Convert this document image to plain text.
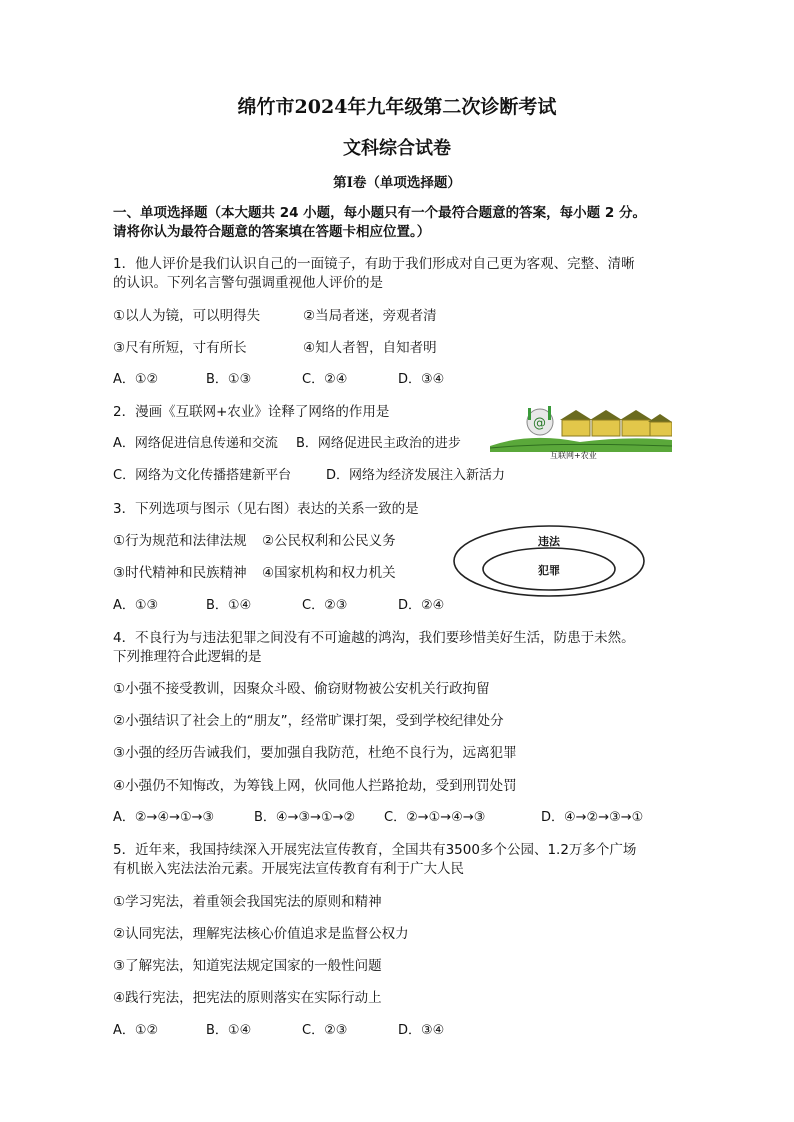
绵竹市2024年九年级第二次诊断考试
文科综合试卷
第Ⅰ卷（单项选择题）
一、单项选择题（本大题共 24 小题，每小题只有一个最符合题意的答案，每小题 2 分。
请将你认为最符合题意的答案填在答题卡相应位置。）
1．他人评价是我们认识自己的一面镜子，有助于我们形成对自己更为客观、完整、清晰
的认识。下列名言警句强调重视他人评价的是
①以人为镜，可以明得失	②当局者迷，旁观者清
③尺有所短，寸有所长	④知人者智，自知者明
A．①②	B．①③	C．②④	D．③④
2．漫画《互联网+农业》诠释了网络的作用是
A．网络促进信息传递和交流 B．网络促进民主政治的进步
C．网络为文化传播搭建新平台	D．网络为经济发展注入新活力
@
互联网+农业
3．下列选项与图示（见右图）表达的关系一致的是
①行为规范和法律法规 ②公民权利和公民义务
③时代精神和民族精神 ④国家机构和权力机关
A．①③	B．①④	C．②③	D．②④
违法
犯罪
4．不良行为与违法犯罪之间没有不可逾越的鸿沟，我们要珍惜美好生活，防患于未然。
下列推理符合此逻辑的是
①小强不接受教训，因聚众斗殴、偷窃财物被公安机关行政拘留
②小强结识了社会上的“朋友”，经常旷课打架，受到学校纪律处分
③小强的经历告诫我们，要加强自我防范，杜绝不良行为，远离犯罪
④小强仍不知悔改，为筹钱上网，伙同他人拦路抢劫，受到刑罚处罚
A．②→④→①→③	B．④→③→①→② C．②→①→④→③	D．④→②→③→①
5．近年来，我国持续深入开展宪法宣传教育，全国共有3500多个公园、1.2万多个广场
有机嵌入宪法法治元素。开展宪法宣传教育有利于广大人民
①学习宪法，着重领会我国宪法的原则和精神
②认同宪法，理解宪法核心价值追求是监督公权力
③了解宪法，知道宪法规定国家的一般性问题
④践行宪法，把宪法的原则落实在实际行动上
A．①②	B．①④	C．②③	D．③④
